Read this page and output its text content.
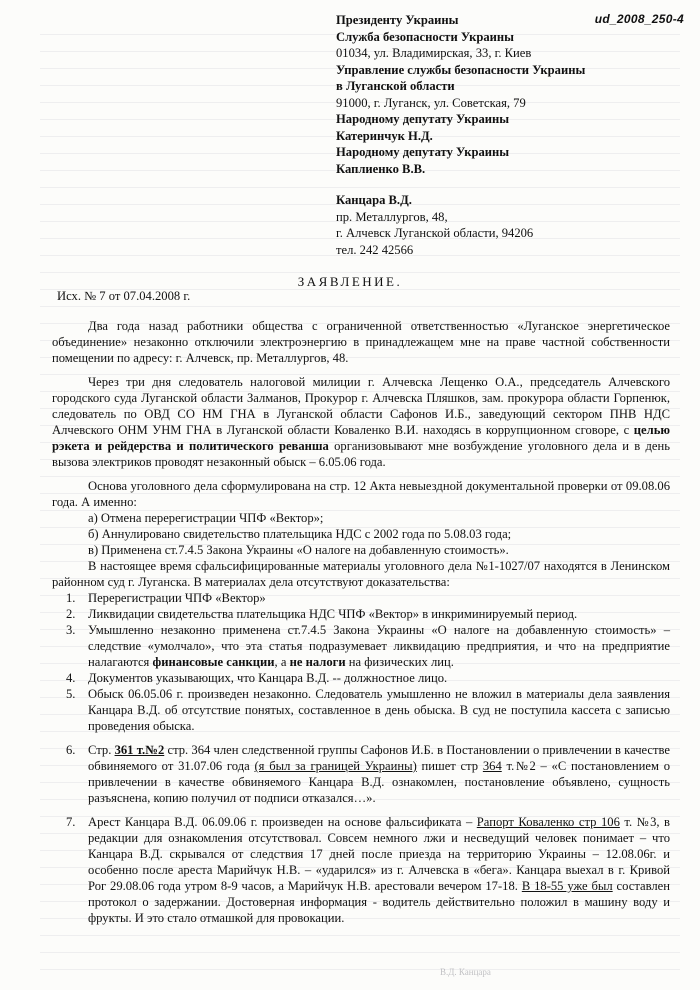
ud_2008_250-4
Президенту Украины
Служба безопасности Украины
01034, ул. Владимирская, 33, г. Киев
Управление службы безопасности Украины
в Луганской области
91000, г. Луганск, ул. Советская, 79
Народному депутату Украины
Катеринчук Н.Д.
Народному депутату Украины
Каплиенко В.В.
Канцара В.Д.
пр. Металлургов, 48,
г. Алчевск Луганской области, 94206
тел. 242 42566
ЗАЯВЛЕНИЕ.
Исх. № 7 от 07.04.2008 г.

Два года назад работники общества с ограниченной ответственностью «Луганское энергетическое объединение» незаконно отключили электроэнергию в принадлежащем мне на праве частной собственности помещении по адресу: г. Алчевск, пр. Металлургов, 48.

Через три дня следователь налоговой милиции г. Алчевска Лещенко О.А., председатель Алчевского городского суда Луганской области Залманов, Прокурор г. Алчевска Пляшков, зам. прокурора области Горпенюк, следователь по ОВД СО НМ ГНА в Луганской области Сафонов И.Б., заведующий сектором ПНВ НДС Алчевского ОНМ УНМ ГНА в Луганской области Коваленко В.И. находясь в коррупционном сговоре, с целью рэкета и рейдерства и политического реванша организовывают мне возбуждение уголовного дела и в день вызова электриков проводят незаконный обыск – 6.05.06 года.

Основа уголовного дела сформулирована на стр. 12 Акта невыездной документальной проверки от 09.08.06 года. А именно:

а) Отмена перерегистрации ЧПФ «Вектор»;

б) Аннулировано свидетельство плательщика НДС с 2002 года по 5.08.03 года;

в) Применена ст.7.4.5 Закона Украины «О налоге на добавленную стоимость».

В настоящее время сфальсифицированные материалы уголовного дела №1-1027/07 находятся в Ленинском районном суд г. Луганска. В материалах дела отсутствуют доказательства:

1. Перерегистрации ЧПФ «Вектор»
2. Ликвидации свидетельства плательщика НДС ЧПФ «Вектор» в инкриминируемый период.
3. Умышленно незаконно применена ст.7.4.5 Закона Украины «О налоге на добавленную стоимость» – следствие «умолчало», что эта статья подразумевает ликвидацию предприятия, и что на предприятие налагаются финансовые санкции, а не налоги на физических лиц.
4. Документов указывающих, что Канцара В.Д. -- должностное лицо.
5. Обыск 06.05.06 г. произведен незаконно. Следователь умышленно не вложил в материалы дела заявления Канцара В.Д. об отсутствие понятых, составленное в день обыска. В суд не поступила кассета с записью проведения обыска.
6. Стр. 361 т.№2 стр. 364 член следственной группы Сафонов И.Б. в Постановлении о привлечении в качестве обвиняемого от 31.07.06 года (я был за границей Украины) пишет стр 364 т.№2 – «С постановлением о привлечении в качестве обвиняемого Канцара В.Д. ознакомлен, постановление объявлено, сущность разъяснена, копию получил от подписи отказался…».
7. Арест Канцара В.Д. 06.09.06 г. произведен на основе фальсификата – Рапорт Коваленко стр 106 т. №3, в редакции для ознакомления отсутствовал. Совсем немного лжи и несведущий человек понимает – что Канцара В.Д. скрывался от следствия 17 дней после приезда на территорию Украины – 12.08.06г. и особенно после ареста Марийчук Н.В. – «ударился» из г. Алчевска в «бега». Канцара выехал в г. Кривой Рог 29.08.06 года утром 8-9 часов, а Марийчук Н.В. арестовали вечером 17-18. В 18-55 уже был составлен протокол о задержании. Достоверная информация - водитель действительно положил в машину воду и фрукты. И это стало отмашкой для провокации.
В.Д. Канцара
